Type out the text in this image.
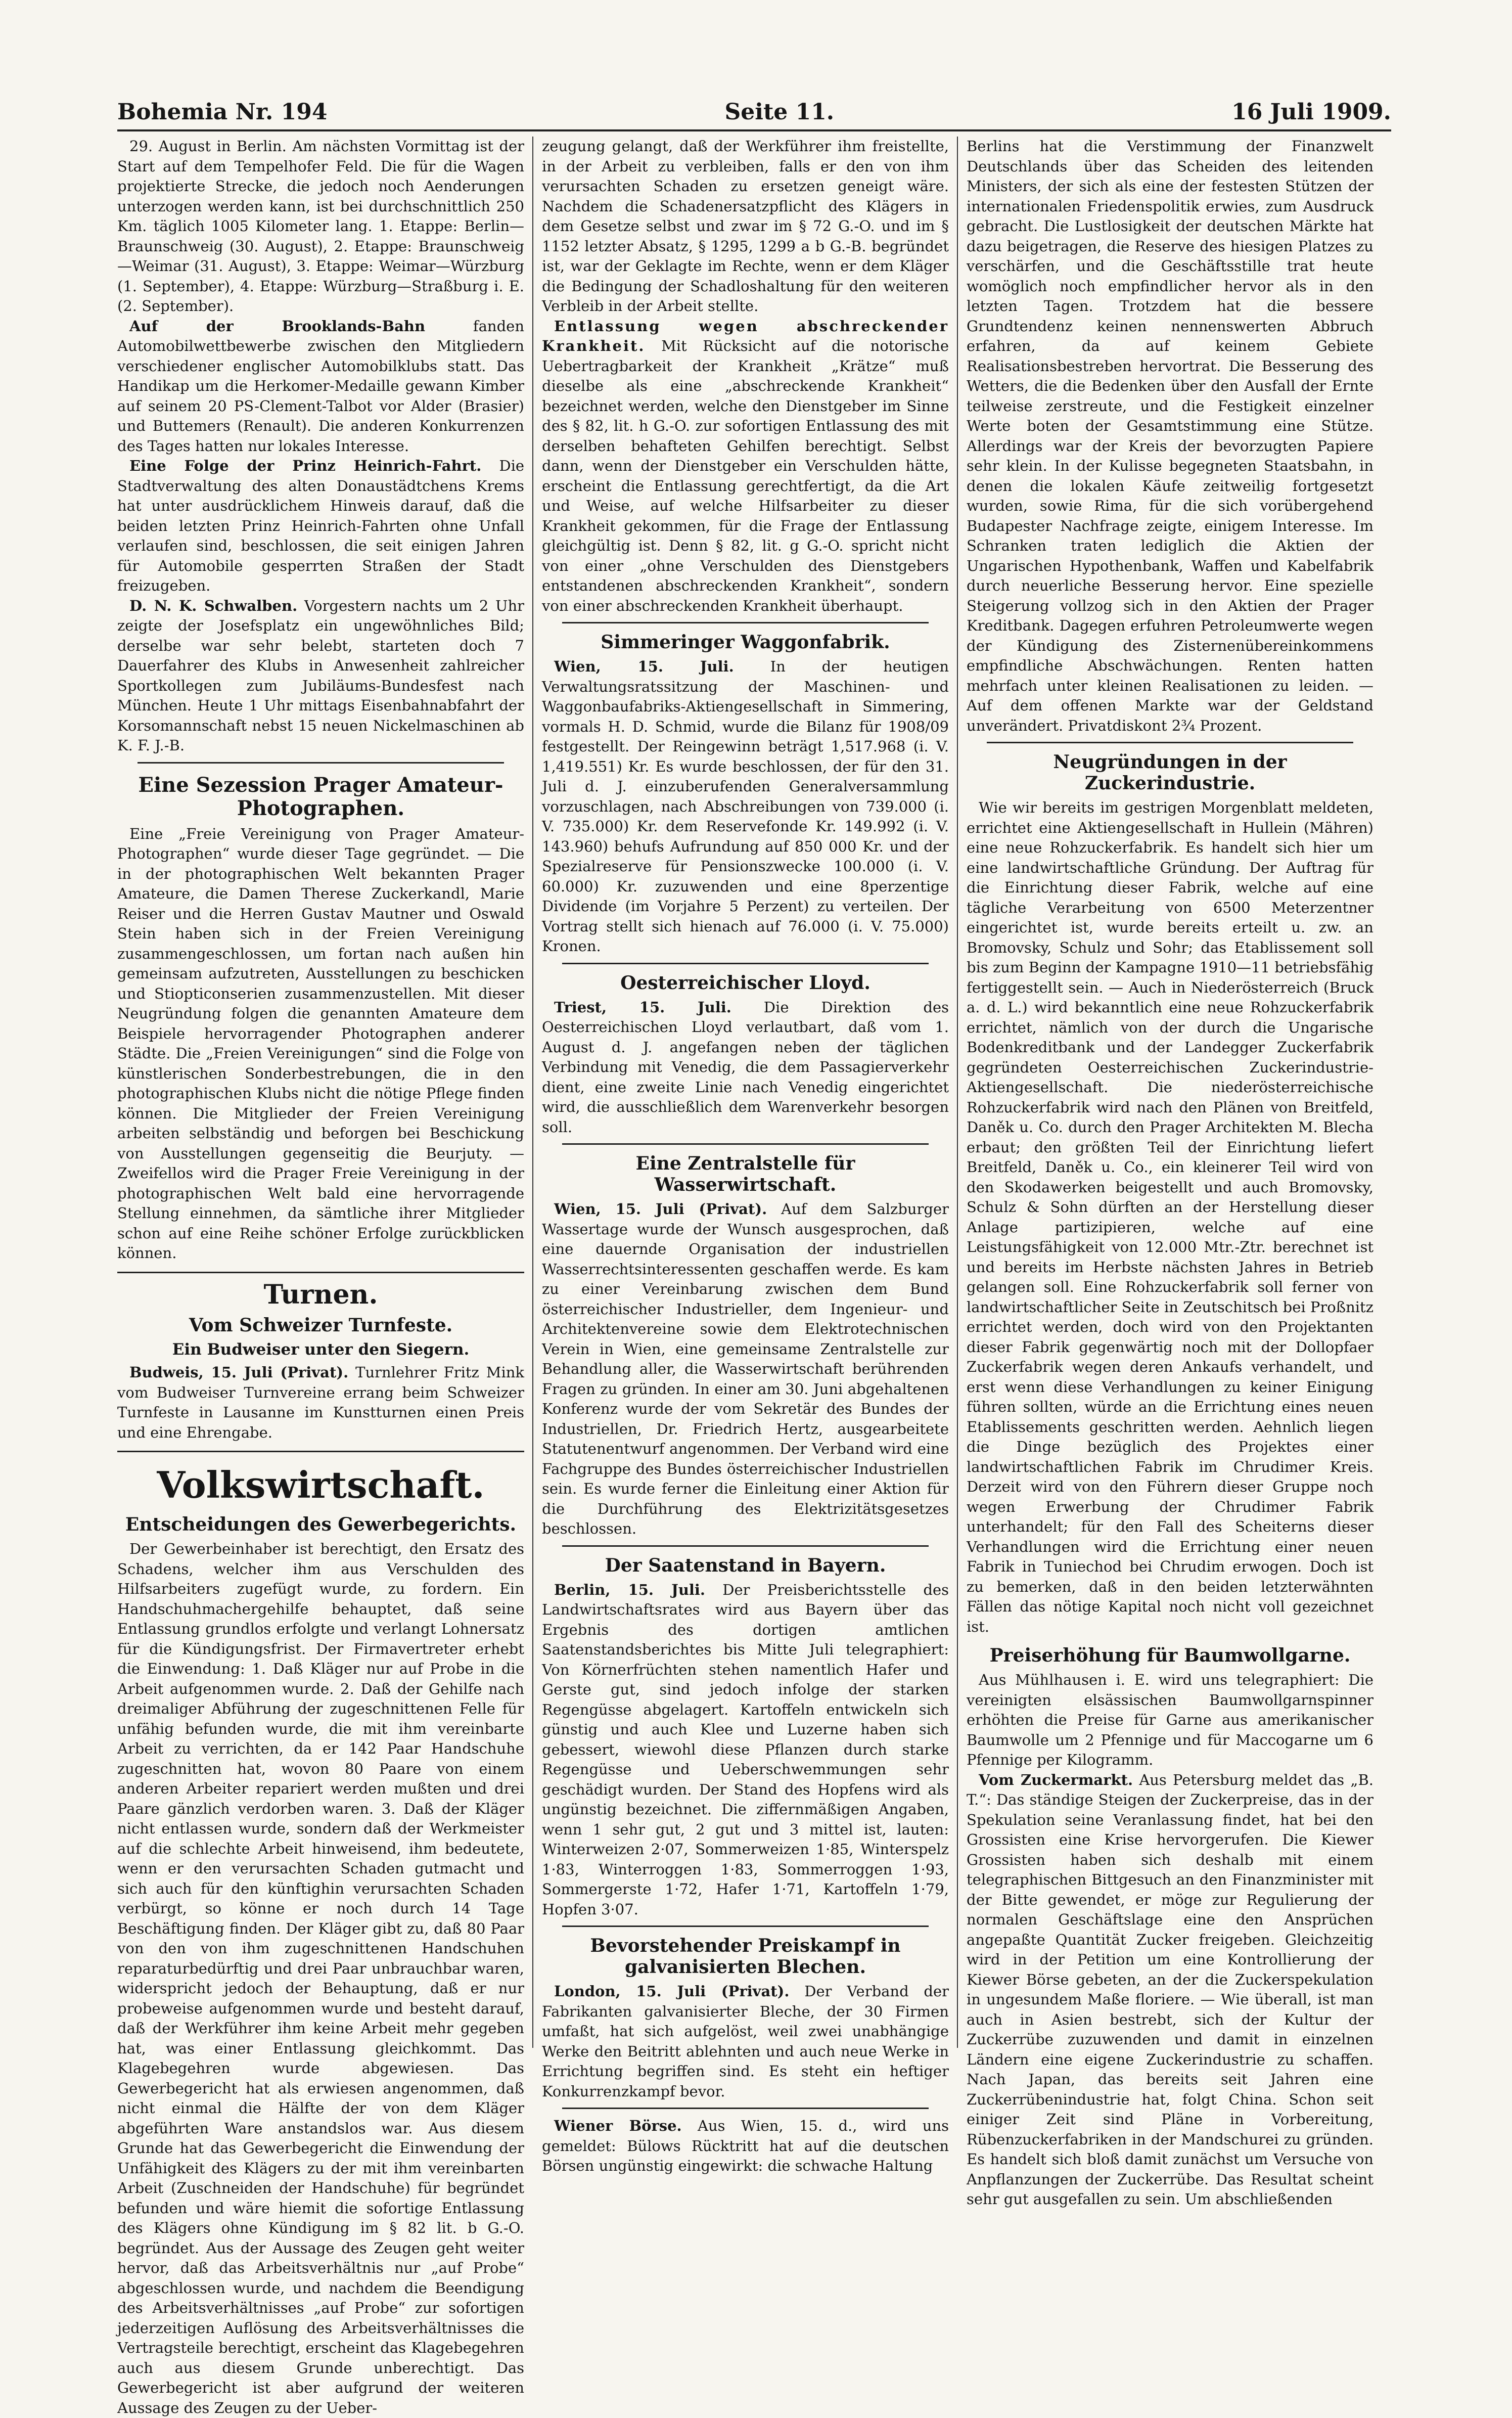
Bohemia Nr. 194	Seite 11.	16 Juli 1909.

29. August in Berlin. Am nächsten Vormittag ist der Start auf dem Tempelhofer Feld. Die für die Wagen projektierte Strecke, die jedoch noch Aenderungen unterzogen werden kann, ist bei durchschnittlich 250 Km. täglich 1005 Kilometer lang. 1. Etappe: Berlin—Braunschweig (30. August), 2. Etappe: Braunschweig—Weimar (31. August), 3. Etappe: Weimar—Würzburg (1. September), 4. Etappe: Würzburg—Straßburg i. E. (2. September).

Auf der Brooklands-Bahn	fanden Automobilwettbewerbe zwischen den Mitgliedern verschiedener englischer Automobilklubs statt. Das Handikap um die Herkomer-Medaille gewann Kimber auf seinem 20 PS-Clement-Talbot vor Alder (Brasier) und Buttemers (Renault). Die anderen Konkurrenzen des Tages hatten nur lokales Interesse.

Eine Folge der Prinz Heinrich-Fahrt. Die Stadtverwaltung des alten Donaustädtchens Krems hat unter ausdrücklichem Hinweis darauf, daß die beiden letzten Prinz Heinrich-Fahrten ohne Unfall verlaufen sind, beschlossen, die seit einigen Jahren für Automobile gesperrten Straßen der Stadt freizugeben.

D. N. K. Schwalben. Vorgestern nachts um 2 Uhr zeigte der Josefsplatz ein ungewöhnliches Bild; derselbe war sehr belebt, starteten doch 7 Dauerfahrer des Klubs in Anwesenheit zahlreicher Sportkollegen zum Jubiläums-Bundesfest nach München. Heute 1 Uhr mittags Eisenbahnabfahrt der Korsomannschaft nebst 15 neuen Nickelmaschinen ab K. F. J.-B.

Eine Sezession Prager Amateur-Photographen.

Eine „Freie Vereinigung von Prager Amateur-Photographen“ wurde dieser Tage gegründet. — Die in der photographischen Welt bekannten Prager Amateure, die Damen Therese Zuckerkandl, Marie Reiser und die Herren Gustav Mautner und Oswald Stein haben sich in der Freien Vereinigung zusammengeschlossen, um fortan nach außen hin gemeinsam aufzutreten, Ausstellungen zu beschicken und Stiopticonserien zusammenzustellen. Mit dieser Neugründung folgen die genannten Amateure dem Beispiele hervorragender Photographen anderer Städte. Die „Freien Vereinigungen“ sind die Folge von künstlerischen Sonderbestrebungen, die in den photographischen Klubs nicht die nötige Pflege finden können. Die Mitglieder der Freien Vereinigung arbeiten selbständig und beforgen bei Beschickung von Ausstellungen gegenseitig die Beurjuty. — Zweifellos wird die Prager Freie Vereinigung in der photographischen Welt bald eine hervorragende Stellung einnehmen, da sämtliche ihrer Mitglieder schon auf eine Reihe schöner Erfolge zurückblicken können.

Turnen.
Vom Schweizer Turnfeste.
Ein Budweiser unter den Siegern.

Budweis, 15. Juli (Privat). Turnlehrer Fritz Mink vom Budweiser Turnvereine errang beim Schweizer Turnfeste in Lausanne im Kunstturnen einen Preis und eine Ehrengabe.

Volkswirtschaft.
Entscheidungen des Gewerbegerichts.

Der Gewerbeinhaber ist berechtigt, den Ersatz des Schadens, welcher ihm aus Verschulden des Hilfsarbeiters zugefügt wurde, zu fordern. Ein Handschuhmachergehilfe behauptet, daß seine Entlassung grundlos erfolgte und verlangt Lohnersatz für die Kündigungsfrist. Der Firmavertreter erhebt die Einwendung: 1. Daß Kläger nur auf Probe in die Arbeit aufgenommen wurde. 2. Daß der Gehilfe nach dreimaliger Abführung der zugeschnittenen Felle für unfähig befunden wurde, die mit ihm vereinbarte Arbeit zu verrichten, da er 142 Paar Handschuhe zugeschnitten hat, wovon 80 Paare von einem anderen Arbeiter repariert werden mußten und drei Paare gänzlich verdorben waren. 3. Daß der Kläger nicht entlassen wurde, sondern daß der Werkmeister auf die schlechte Arbeit hinweisend, ihm bedeutete, wenn er den verursachten Schaden gutmacht und sich auch für den künftighin verursachten Schaden verbürgt, so könne er noch durch 14 Tage Beschäftigung finden. Der Kläger gibt zu, daß 80 Paar von den von ihm zugeschnittenen Handschuhen reparaturbedürftig und drei Paar unbrauchbar waren, widerspricht jedoch der Behauptung, daß er nur probeweise aufgenommen wurde und besteht darauf, daß der Werkführer ihm keine Arbeit mehr gegeben hat, was einer Entlassung gleichkommt. Das Klagebegehren wurde abgewiesen. Das Gewerbegericht hat als erwiesen angenommen, daß nicht einmal die Hälfte der von dem Kläger abgeführten Ware anstandslos war. Aus diesem Grunde hat das Gewerbegericht die Einwendung der Unfähigkeit des Klägers zu der mit ihm vereinbarten Arbeit (Zuschneiden der Handschuhe) für begründet befunden und wäre hiemit die sofortige Entlassung des Klägers ohne Kündigung im § 82 lit. b G.-O. begründet. Aus der Aussage des Zeugen geht weiter hervor, daß das Arbeitsverhältnis nur „auf Probe“ abgeschlossen wurde, und nachdem die Beendigung des Arbeitsverhältnisses „auf Probe“ zur sofortigen jederzeitigen Auflösung des Arbeitsverhältnisses die Vertragsteile berechtigt, erscheint das Klagebegehren auch aus diesem Grunde unberechtigt. Das Gewerbegericht ist aber aufgrund der weiteren Aussage des Zeugen zu der Ueber-

zeugung gelangt, daß der Werkführer ihm freistellte, in der Arbeit zu verbleiben, falls er den von ihm verursachten Schaden zu ersetzen geneigt wäre. Nachdem die Schadenersatzpflicht des Klägers in dem Gesetze selbst und zwar im § 72 G.-O. und im § 1152 letzter Absatz, § 1295, 1299 a b G.-B. begründet ist, war der Geklagte im Rechte, wenn er dem Kläger die Bedingung der Schadloshaltung für den weiteren Verbleib in der Arbeit stellte.

Entlassung wegen abschreckender Krankheit. Mit Rücksicht auf die notorische Uebertragbarkeit der Krankheit „Krätze“ muß dieselbe als eine „abschreckende Krankheit“ bezeichnet werden, welche den Dienstgeber im Sinne des § 82, lit. h G.-O. zur sofortigen Entlassung des mit derselben behafteten Gehilfen berechtigt. Selbst dann, wenn der Dienstgeber ein Verschulden hätte, erscheint die Entlassung gerechtfertigt, da die Art und Weise, auf welche Hilfsarbeiter zu dieser Krankheit gekommen, für die Frage der Entlassung gleichgültig ist. Denn § 82, lit. g G.-O. spricht nicht von einer „ohne Verschulden des Dienstgebers entstandenen abschreckenden Krankheit“, sondern von einer abschreckenden Krankheit überhaupt.

Simmeringer Waggonfabrik.

Wien, 15. Juli. In der heutigen Verwaltungsratssitzung der Maschinen- und Waggonbaufabriks-Aktiengesellschaft in Simmering, vormals H. D. Schmid, wurde die Bilanz für 1908/09 festgestellt. Der Reingewinn beträgt 1,517.968 (i. V. 1,419.551) Kr. Es wurde beschlossen, der für den 31. Juli d. J. einzuberufenden Generalversammlung vorzuschlagen, nach Abschreibungen von 739.000 (i. V. 735.000) Kr. dem Reservefonde Kr. 149.992 (i. V. 143.960) behufs Aufrundung auf 850 000 Kr. und der Spezialreserve für Pensionszwecke 100.000 (i. V. 60.000) Kr. zuzuwenden und eine 8perzentige Dividende (im Vorjahre 5 Perzent) zu verteilen. Der Vortrag stellt sich hienach auf 76.000 (i. V. 75.000) Kronen.

Oesterreichischer Lloyd.

Triest, 15. Juli. Die Direktion des Oesterreichischen Lloyd verlautbart, daß vom 1. August d. J. angefangen neben der täglichen Verbindung mit Venedig, die dem Passagierverkehr dient, eine zweite Linie nach Venedig eingerichtet wird, die ausschließlich dem Warenverkehr besorgen soll.

Eine Zentralstelle für Wasserwirtschaft.

Wien, 15. Juli (Privat). Auf dem Salzburger Wassertage wurde der Wunsch ausgesprochen, daß eine dauernde Organisation der industriellen Wasserrechtsinteressenten geschaffen werde. Es kam zu einer Vereinbarung zwischen dem Bund österreichischer Industrieller, dem Ingenieur- und Architektenvereine sowie dem Elektrotechnischen Verein in Wien, eine gemeinsame Zentralstelle zur Behandlung aller, die Wasserwirtschaft berührenden Fragen zu gründen. In einer am 30. Juni abgehaltenen Konferenz wurde der vom Sekretär des Bundes der Industriellen, Dr. Friedrich Hertz, ausgearbeitete Statutenentwurf angenommen. Der Verband wird eine Fachgruppe des Bundes österreichischer Industriellen sein. Es wurde ferner die Einleitung einer Aktion für die Durchführung des Elektrizitätsgesetzes beschlossen.

Der Saatenstand in Bayern.

Berlin, 15. Juli. Der Preisberichtsstelle des Landwirtschaftsrates wird aus Bayern über das Ergebnis des dortigen amtlichen Saatenstandsberichtes bis Mitte Juli telegraphiert: Von Körnerfrüchten stehen namentlich Hafer und Gerste gut, sind jedoch infolge der starken Regengüsse abgelagert. Kartoffeln entwickeln sich günstig und auch Klee und Luzerne haben sich gebessert, wiewohl diese Pflanzen durch starke Regengüsse und Ueberschwemmungen sehr geschädigt wurden. Der Stand des Hopfens wird als ungünstig bezeichnet. Die ziffernmäßigen Angaben, wenn 1 sehr gut, 2 gut und 3 mittel ist, lauten: Winterweizen 2·07, Sommerweizen 1·85, Winterspelz 1·83, Winterroggen 1·83, Sommerroggen 1·93, Sommergerste 1·72, Hafer 1·71, Kartoffeln 1·79, Hopfen 3·07.

Bevorstehender Preiskampf in galvanisierten Blechen.

London, 15. Juli (Privat). Der Verband der Fabrikanten galvanisierter Bleche, der 30 Firmen umfaßt, hat sich aufgelöst, weil zwei unabhängige Werke den Beitritt ablehnten und auch neue Werke in Errichtung begriffen sind. Es steht ein heftiger Konkurrenzkampf bevor.

Wiener Börse. Aus Wien, 15. d., wird uns gemeldet: Bülows Rücktritt hat auf die deutschen Börsen ungünstig eingewirkt: die schwache Haltung

Berlins hat die Verstimmung der Finanzwelt Deutschlands über das Scheiden des leitenden Ministers, der sich als eine der festesten Stützen der internationalen Friedenspolitik erwies, zum Ausdruck gebracht. Die Lustlosigkeit der deutschen Märkte hat dazu beigetragen, die Reserve des hiesigen Platzes zu verschärfen, und die Geschäftsstille trat heute womöglich noch empfindlicher hervor als in den letzten Tagen. Trotzdem hat die bessere Grundtendenz keinen nennenswerten Abbruch erfahren, da auf keinem Gebiete Realisationsbestreben hervortrat. Die Besserung des Wetters, die die Bedenken über den Ausfall der Ernte teilweise zerstreute, und die Festigkeit einzelner Werte boten der Gesamtstimmung eine Stütze. Allerdings war der Kreis der bevorzugten Papiere sehr klein. In der Kulisse begegneten Staatsbahn, in denen die lokalen Käufe zeitweilig fortgesetzt wurden, sowie Rima, für die sich vorübergehend Budapester Nachfrage zeigte, einigem Interesse. Im Schranken traten lediglich die Aktien der Ungarischen Hypothenbank, Waffen und Kabelfabrik durch neuerliche Besserung hervor. Eine spezielle Steigerung vollzog sich in den Aktien der Prager Kreditbank. Dagegen erfuhren Petroleumwerte wegen der Kündigung des Zisternenübereinkommens empfindliche Abschwächungen. Renten hatten mehrfach unter kleinen Realisationen zu leiden. — Auf dem offenen Markte war der Geldstand unverändert. Privatdiskont 2¾ Prozent.

Neugründungen in der Zuckerindustrie.

Wie wir bereits im gestrigen Morgenblatt meldeten, errichtet eine Aktiengesellschaft in Hullein (Mähren) eine neue Rohzuckerfabrik. Es handelt sich hier um eine landwirtschaftliche Gründung. Der Auftrag für die Einrichtung dieser Fabrik, welche auf eine tägliche Verarbeitung von 6500 Meterzentner eingerichtet ist, wurde bereits erteilt u. zw. an Bromovsky, Schulz und Sohr; das Etablissement soll bis zum Beginn der Kampagne 1910—11 betriebsfähig fertiggestellt sein. — Auch in Niederösterreich (Bruck a. d. L.) wird bekanntlich eine neue Rohzuckerfabrik errichtet, nämlich von der durch die Ungarische Bodenkreditbank und der Landegger Zuckerfabrik gegründeten Oesterreichischen Zuckerindustrie-Aktiengesellschaft. Die niederösterreichische Rohzuckerfabrik wird nach den Plänen von Breitfeld, Daněk u. Co. durch den Prager Architekten M. Blecha erbaut; den größten Teil der Einrichtung liefert Breitfeld, Daněk u. Co., ein kleinerer Teil wird von den Skodawerken beigestellt und auch Bromovsky, Schulz & Sohn dürften an der Herstellung dieser Anlage partizipieren, welche auf eine Leistungsfähigkeit von 12.000 Mtr.-Ztr. berechnet ist und bereits im Herbste nächsten Jahres in Betrieb gelangen soll. Eine Rohzuckerfabrik soll ferner von landwirtschaftlicher Seite in Zeutschitsch bei Proßnitz errichtet werden, doch wird von den Projektanten dieser Fabrik gegenwärtig noch mit der Dollopfaer Zuckerfabrik wegen deren Ankaufs verhandelt, und erst wenn diese Verhandlungen zu keiner Einigung führen sollten, würde an die Errichtung eines neuen Etablissements geschritten werden. Aehnlich liegen die Dinge bezüglich des Projektes einer landwirtschaftlichen Fabrik im Chrudimer Kreis. Derzeit wird von den Führern dieser Gruppe noch wegen Erwerbung der Chrudimer Fabrik unterhandelt; für den Fall des Scheiterns dieser Verhandlungen wird die Errichtung einer neuen Fabrik in Tuniechod bei Chrudim erwogen. Doch ist zu bemerken, daß in den beiden letzterwähnten Fällen das nötige Kapital noch nicht voll gezeichnet ist.

Preiserhöhung für Baumwollgarne.

Aus Mühlhausen i. E. wird uns telegraphiert: Die vereinigten elsässischen Baumwollgarnspinner erhöhten die Preise für Garne aus amerikanischer Baumwolle um 2 Pfennige und für Maccogarne um 6 Pfennige per Kilogramm.

Vom Zuckermarkt. Aus Petersburg meldet das „B. T.“: Das ständige Steigen der Zuckerpreise, das in der Spekulation seine Veranlassung findet, hat bei den Grossisten eine Krise hervorgerufen. Die Kiewer Grossisten haben sich deshalb mit einem telegraphischen Bittgesuch an den Finanzminister mit der Bitte gewendet, er möge zur Regulierung der normalen Geschäftslage eine den Ansprüchen angepaßte Quantität Zucker freigeben. Gleichzeitig wird in der Petition um eine Kontrollierung der Kiewer Börse gebeten, an der die Zuckerspekulation in ungesundem Maße floriere. — Wie überall, ist man auch in Asien bestrebt, sich der Kultur der Zuckerrübe zuzuwenden und damit in einzelnen Ländern eine eigene Zuckerindustrie zu schaffen. Nach Japan, das bereits seit Jahren eine Zuckerrübenindustrie hat, folgt China. Schon seit einiger Zeit sind Pläne in Vorbereitung, Rübenzuckerfabriken in der Mandschurei zu gründen. Es handelt sich bloß damit zunächst um Versuche von Anpflanzungen der Zuckerrübe. Das Resultat scheint sehr gut ausgefallen zu sein. Um abschließenden
